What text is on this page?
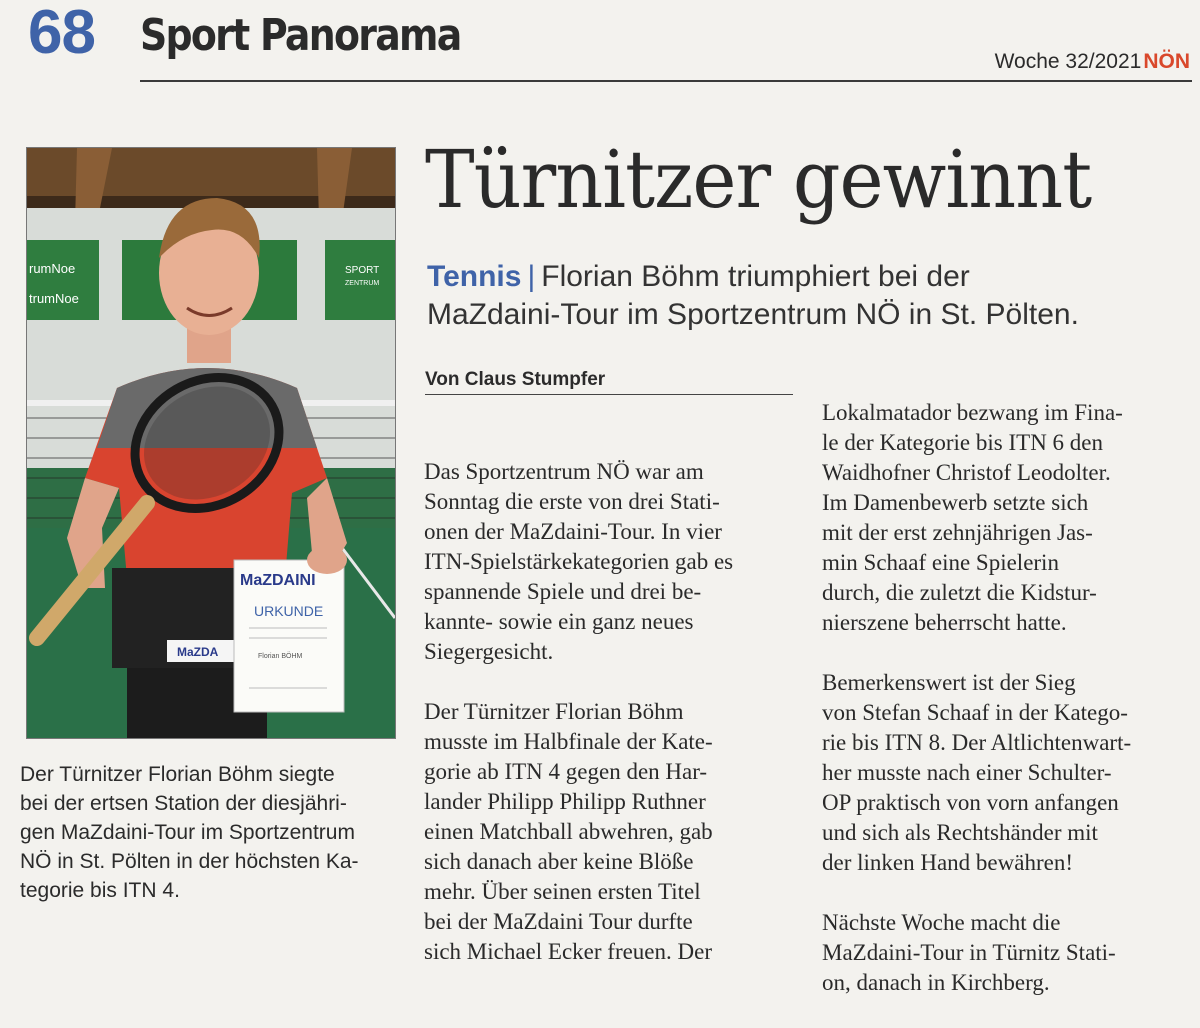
68 Sport Panorama
Woche 32/2021NÖN
rumNoe
trumNoe
SPORT
ZENTRUM
MaZDA
MaZDAINI
URKUNDE
Florian BÖHM
Der Türnitzer Florian Böhm siegte
bei der ertsen Station der diesjähri-
gen MaZdaini-Tour im Sportzentrum
NÖ in St. Pölten in der höchsten Ka-
tegorie bis ITN 4.
Türnitzer gewinnt
Tennis | Florian Böhm triumphiert bei der
MaZdaini-Tour im Sportzentrum NÖ in St. Pölten.
Von Claus Stumpfer

Das Sportzentrum NÖ war am
Sonntag die erste von drei Stati-
onen der MaZdaini-Tour. In vier
ITN-Spielstärkekategorien gab es
spannende Spiele und drei be-
kannte- sowie ein ganz neues
Siegergesicht.

Der Türnitzer Florian Böhm
musste im Halbfinale der Kate-
gorie ab ITN 4 gegen den Har-
lander Philipp Philipp Ruthner
einen Matchball abwehren, gab
sich danach aber keine Blöße
mehr. Über seinen ersten Titel
bei der MaZdaini Tour durfte
sich Michael Ecker freuen. Der

Lokalmatador bezwang im Fina-
le der Kategorie bis ITN 6 den
Waidhofner Christof Leodolter.
Im Damenbewerb setzte sich
mit der erst zehnjährigen Jas-
min Schaaf eine Spielerin
durch, die zuletzt die Kidstur-
nierszene beherrscht hatte.

Bemerkenswert ist der Sieg
von Stefan Schaaf in der Katego-
rie bis ITN 8. Der Altlichtenwart-
her musste nach einer Schulter-
OP praktisch von vorn anfangen
und sich als Rechtshänder mit
der linken Hand bewähren!

Nächste Woche macht die
MaZdaini-Tour in Türnitz Stati-
on, danach in Kirchberg.
